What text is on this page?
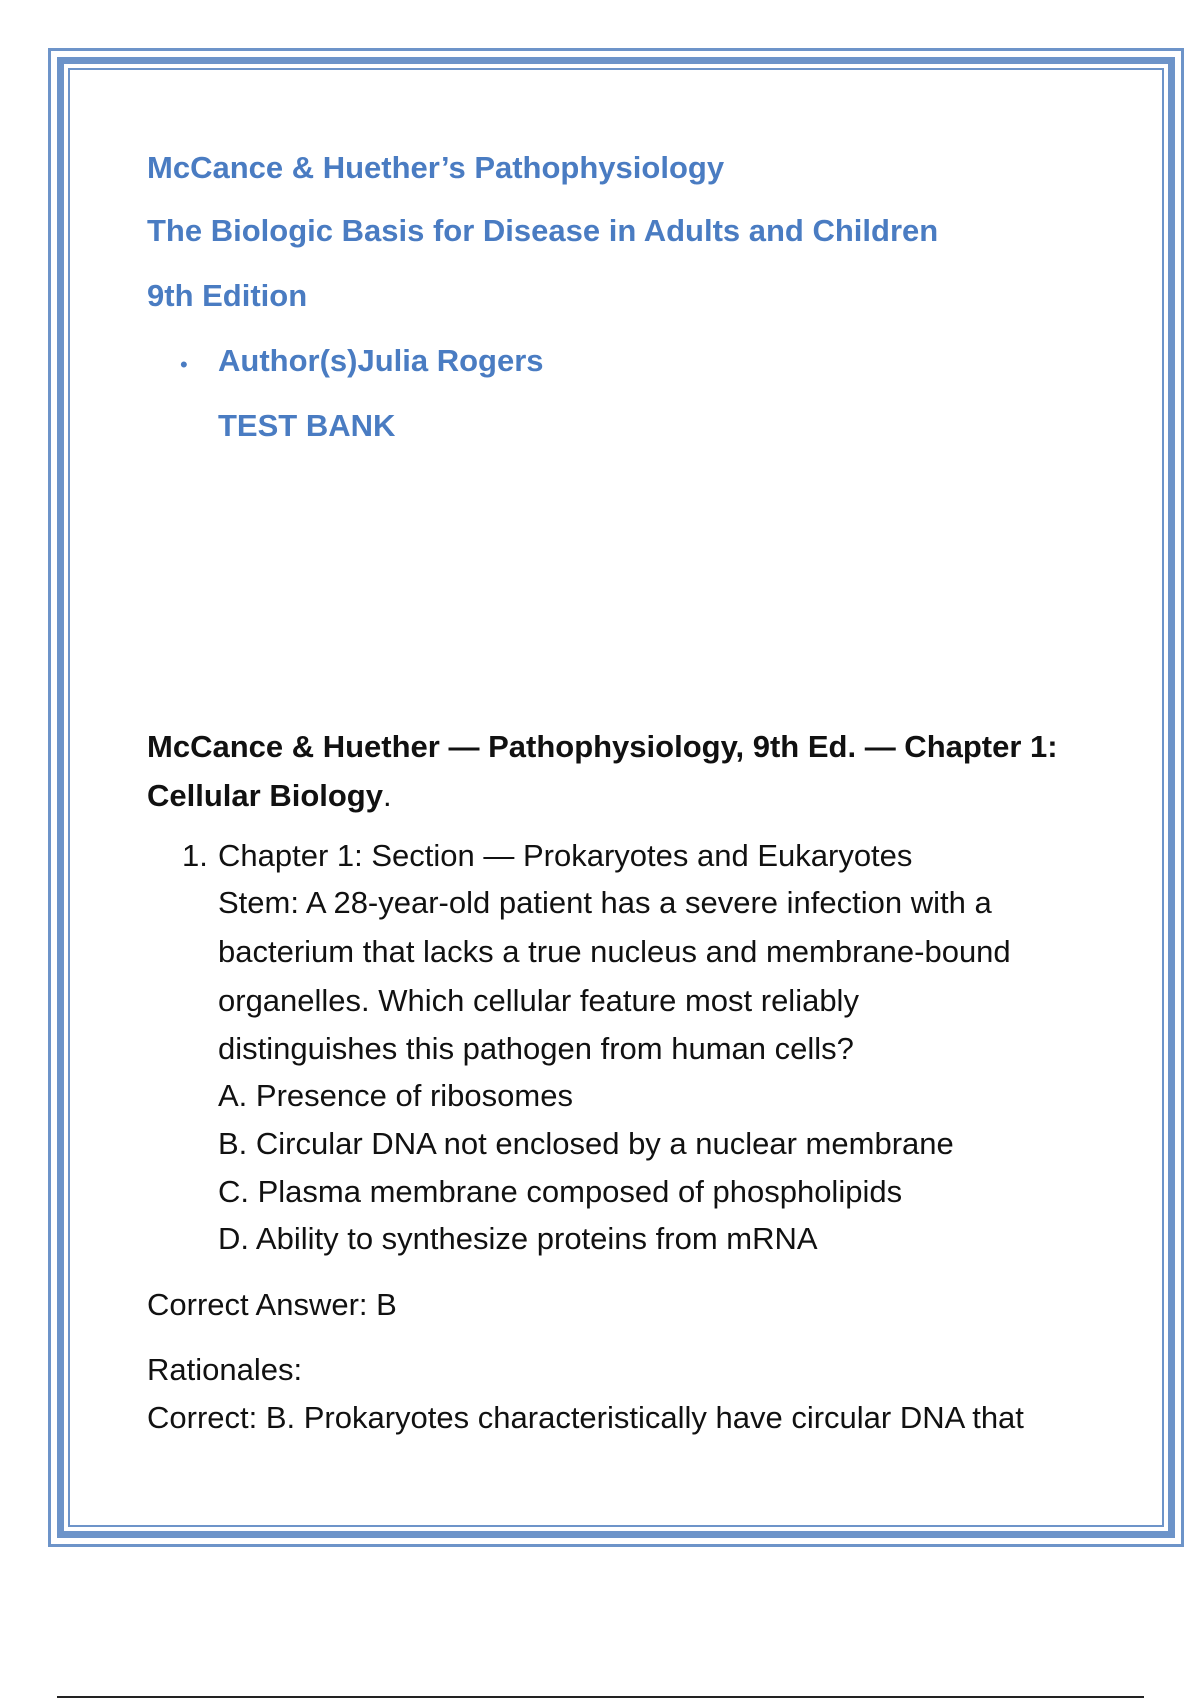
McCance & Huether’s Pathophysiology
The Biologic Basis for Disease in Adults and Children
9th Edition
• Author(s)Julia Rogers
TEST BANK
McCance & Huether — Pathophysiology, 9th Ed. — Chapter 1: Cellular Biology.
1. Chapter 1: Section — Prokaryotes and Eukaryotes
Stem: A 28-year-old patient has a severe infection with a
bacterium that lacks a true nucleus and membrane-bound
organelles. Which cellular feature most reliably
distinguishes this pathogen from human cells?
A. Presence of ribosomes
B. Circular DNA not enclosed by a nuclear membrane
C. Plasma membrane composed of phospholipids
D. Ability to synthesize proteins from mRNA
Correct Answer: B
Rationales:
Correct: B. Prokaryotes characteristically have circular DNA that
